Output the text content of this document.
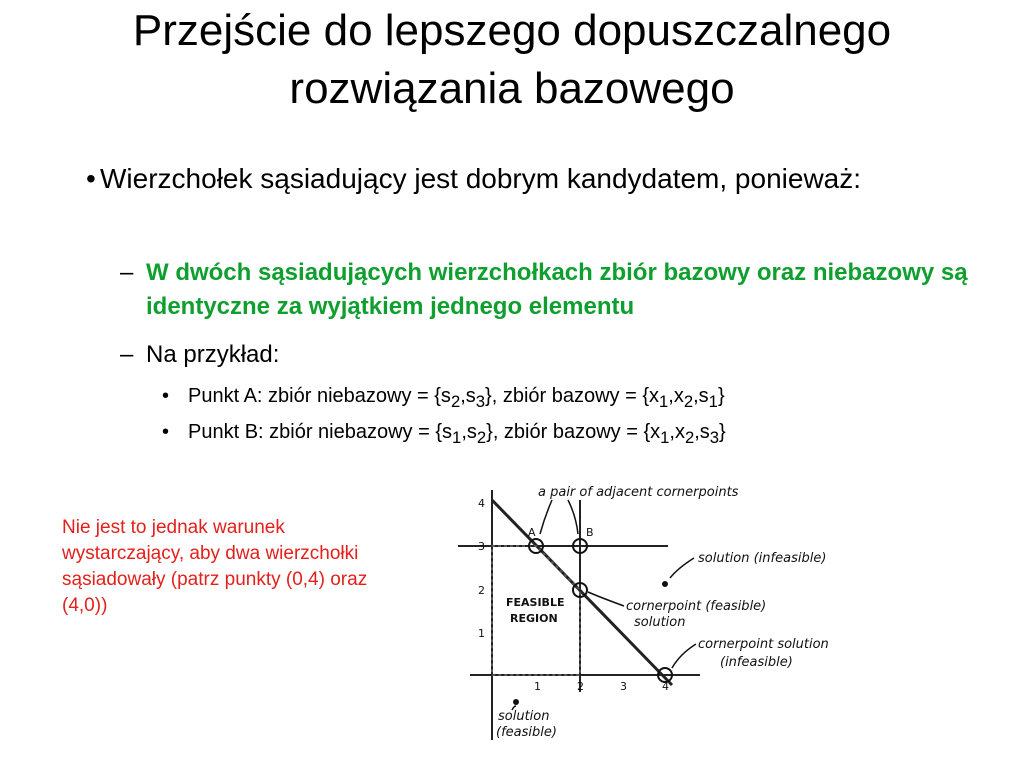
Przejście do lepszego dopuszczalnego
rozwiązania bazowego
• Wierzchołek sąsiadujący jest dobrym kandydatem, ponieważ:
– W dwóch sąsiadujących wierzchołkach zbiór bazowy oraz niebazowy są identyczne za wyjątkiem jednego elementu
– Na przykład:
• Punkt A: zbiór niebazowy = $\{s_2,s_3\}$, zbiór bazowy = $\{x_1,x_2,s_1\}$
• Punkt B: zbiór niebazowy = $\{s_1,s_2\}$, zbiór bazowy = $\{x_1,x_2,s_3\}$
Nie jest to jednak warunek wystarczający, aby dwa wierzchołki sąsiadowały (patrz punkty (0,4) oraz (4,0))
4
3
2
1
1	2	3	4
A	B
a pair of adjacent cornerpoints
solution (infeasible)
cornerpoint (feasible)
solution
cornerpoint solution
(infeasible)
solution
(feasible)
FEASIBLE
REGION
